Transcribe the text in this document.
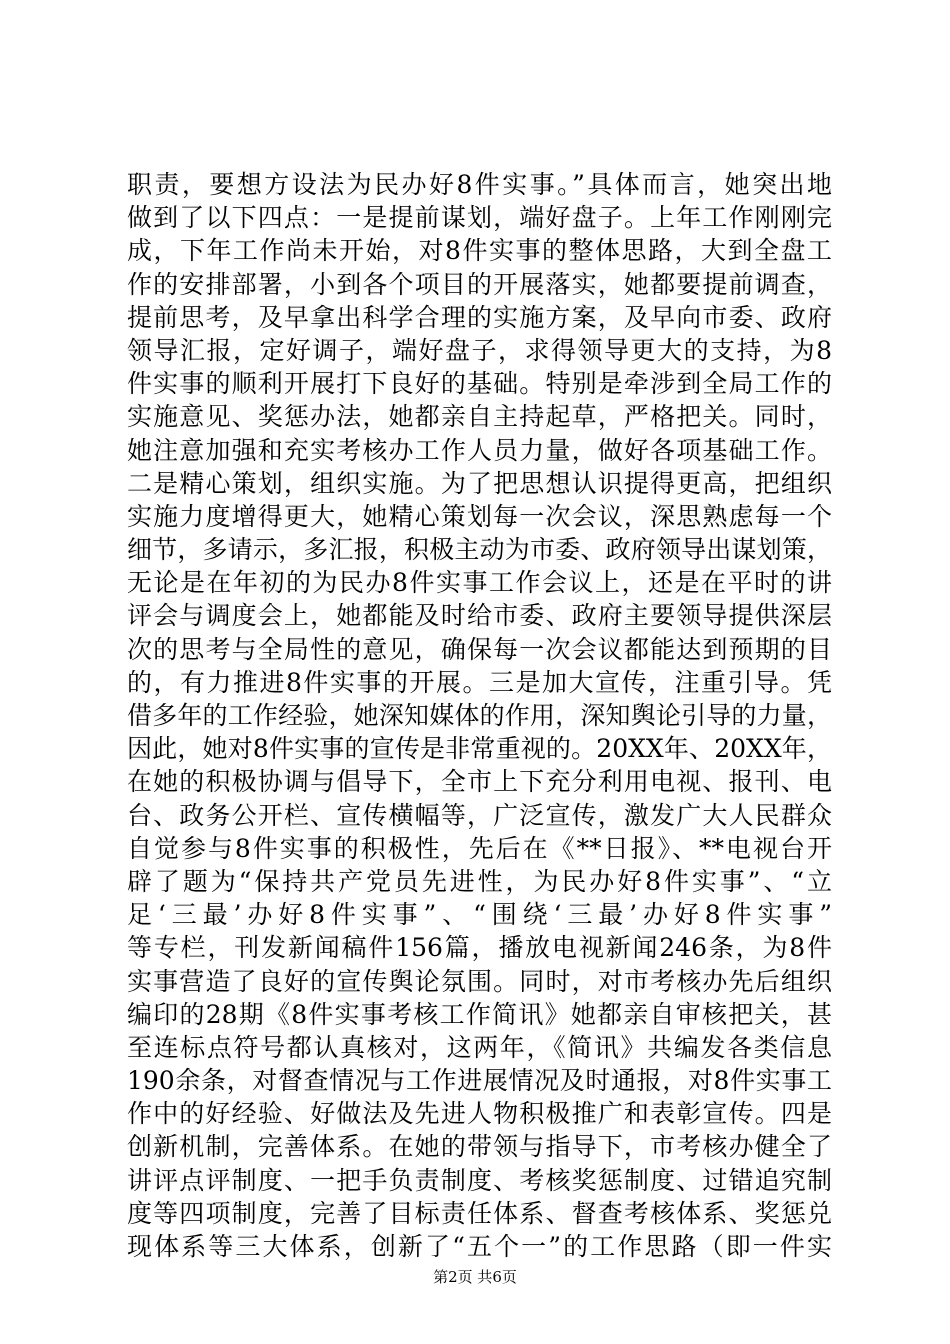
职责，要想方设法为民办好8件实事。”具体而言，她突出地
做到了以下四点：一是提前谋划，端好盘子。上年工作刚刚完
成，下年工作尚未开始，对8件实事的整体思路，大到全盘工
作的安排部署，小到各个项目的开展落实，她都要提前调查，
提前思考，及早拿出科学合理的实施方案，及早向市委、政府
领导汇报，定好调子，端好盘子，求得领导更大的支持，为8
件实事的顺利开展打下良好的基础。特别是牵涉到全局工作的
实施意见、奖惩办法，她都亲自主持起草，严格把关。同时，
她注意加强和充实考核办工作人员力量，做好各项基础工作。
二是精心策划，组织实施。为了把思想认识提得更高，把组织
实施力度增得更大，她精心策划每一次会议，深思熟虑每一个
细节，多请示，多汇报，积极主动为市委、政府领导出谋划策，
无论是在年初的为民办8件实事工作会议上，还是在平时的讲
评会与调度会上，她都能及时给市委、政府主要领导提供深层
次的思考与全局性的意见，确保每一次会议都能达到预期的目
的，有力推进8件实事的开展。三是加大宣传，注重引导。凭
借多年的工作经验，她深知媒体的作用，深知舆论引导的力量，
因此，她对8件实事的宣传是非常重视的。20XX年、20XX年，
在她的积极协调与倡导下，全市上下充分利用电视、报刊、电
台、政务公开栏、宣传横幅等，广泛宣传，激发广大人民群众
自觉参与8件实事的积极性，先后在《**日报》、**电视台开
辟了题为“保持共产党员先进性，为民办好8件实事”、“立
足‘三最’办好8件实事”、“围绕‘三最’办好8件实事”
等专栏，刊发新闻稿件156篇，播放电视新闻246条，为8件
实事营造了良好的宣传舆论氛围。同时，对市考核办先后组织
编印的28期《8件实事考核工作简讯》她都亲自审核把关，甚
至连标点符号都认真核对，这两年，《简讯》共编发各类信息
190余条，对督查情况与工作进展情况及时通报，对8件实事工
作中的好经验、好做法及先进人物积极推广和表彰宣传。四是
创新机制，完善体系。在她的带领与指导下，市考核办健全了
讲评点评制度、一把手负责制度、考核奖惩制度、过错追究制
度等四项制度，完善了目标责任体系、督查考核体系、奖惩兑
现体系等三大体系，创新了“五个一”的工作思路（即一件实
第2页 共6页
